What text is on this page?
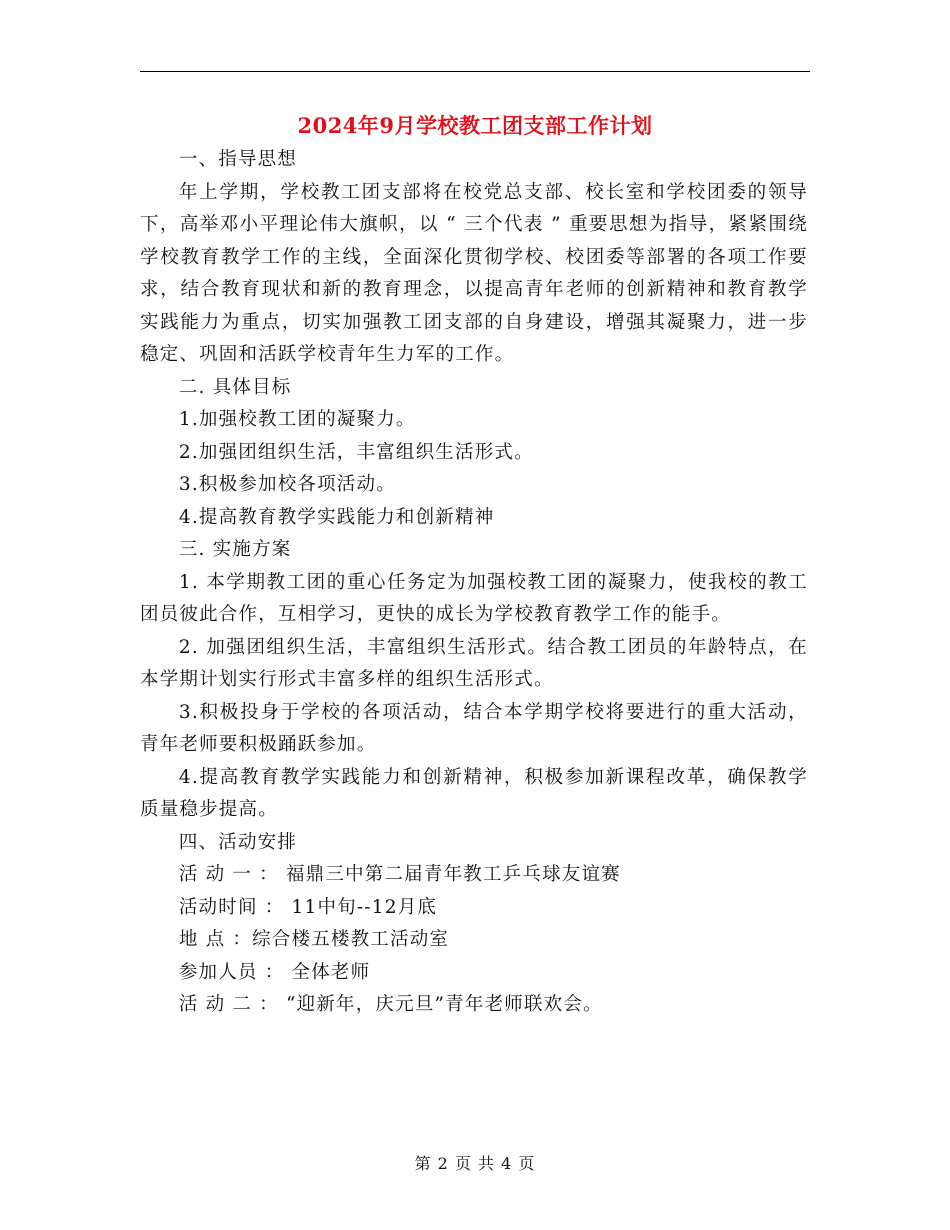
2024年9月学校教工团支部工作计划

一、指导思想

年上学期，学校教工团支部将在校党总支部、校长室和学校团委的领导下，高举邓小平理论伟大旗帜，以 “ 三个代表 ” 重要思想为指导，紧紧围绕学校教育教学工作的主线，全面深化贯彻学校、校团委等部署的各项工作要求，结合教育现状和新的教育理念，以提高青年老师的创新精神和教育教学实践能力为重点，切实加强教工团支部的自身建设，增强其凝聚力，进一步稳定、巩固和活跃学校青年生力军的工作。

二. 具体目标

1.加强校教工团的凝聚力。

2.加强团组织生活，丰富组织生活形式。

3.积极参加校各项活动。

4.提高教育教学实践能力和创新精神

三. 实施方案

1. 本学期教工团的重心任务定为加强校教工团的凝聚力，使我校的教工团员彼此合作，互相学习，更快的成长为学校教育教学工作的能手。

2. 加强团组织生活，丰富组织生活形式。结合教工团员的年龄特点，在本学期计划实行形式丰富多样的组织生活形式。

3.积极投身于学校的各项活动，结合本学期学校将要进行的重大活动，青年老师要积极踊跃参加。

4.提高教育教学实践能力和创新精神，积极参加新课程改革，确保教学质量稳步提高。

四、活动安排

活 动 一 ： 福鼎三中第二届青年教工乒乓球友谊赛

活动时间 ： 11中旬--12月底

地 点 ：综合楼五楼教工活动室

参加人员 ： 全体老师

活 动 二 ： “迎新年，庆元旦”青年老师联欢会。

第 2 页 共 4 页
